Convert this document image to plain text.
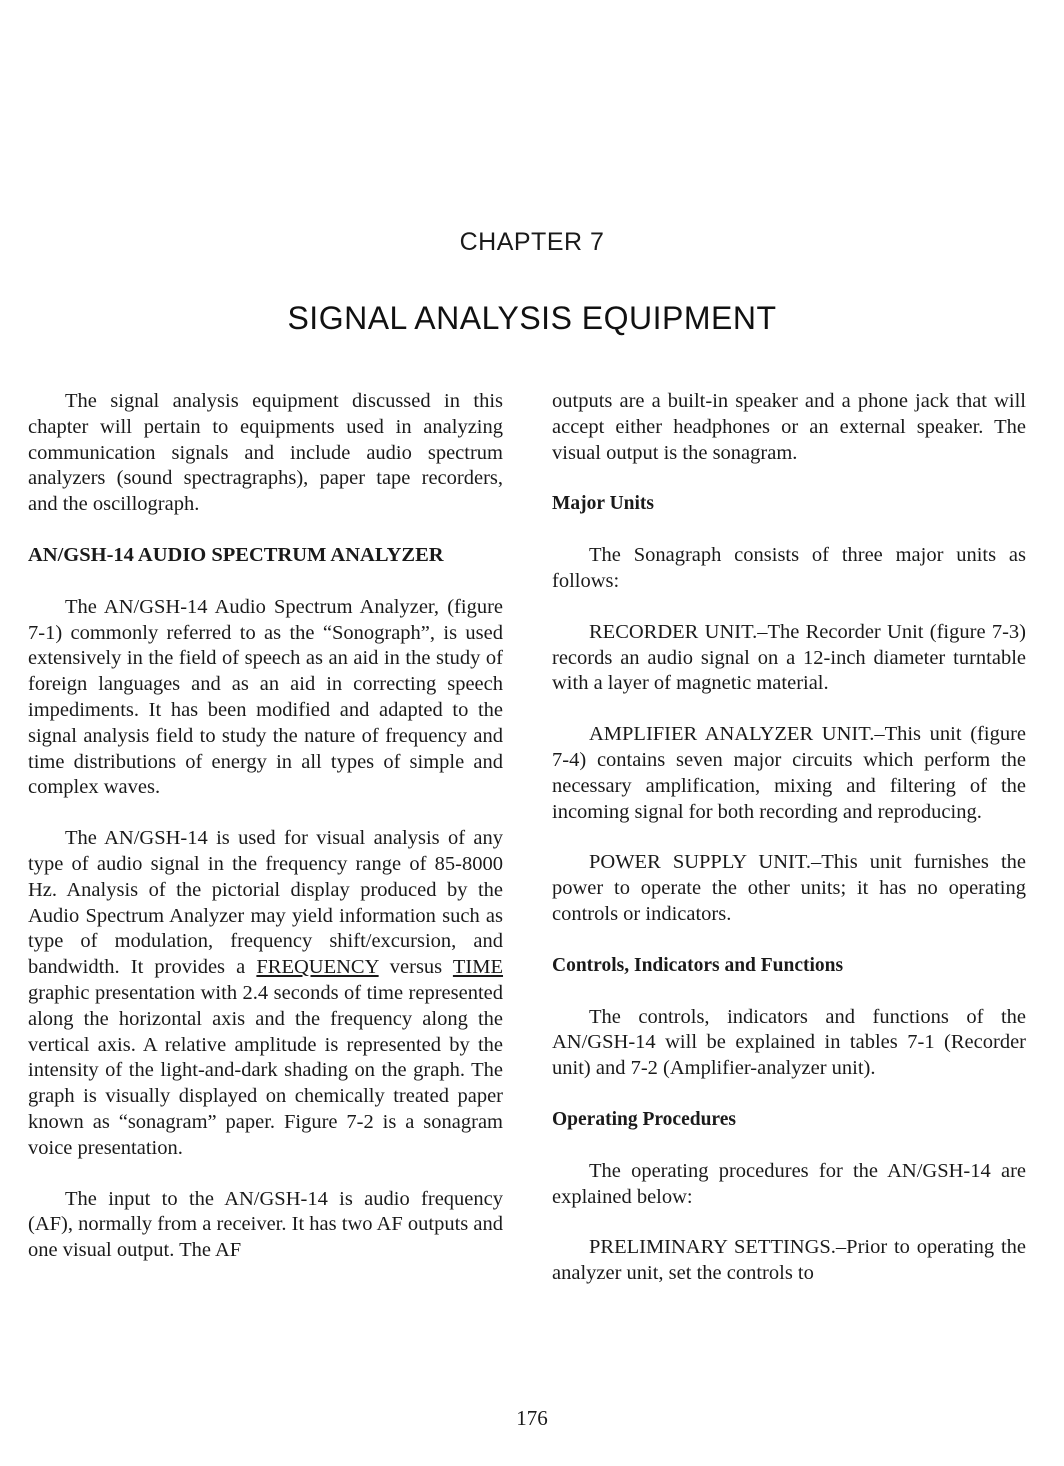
CHAPTER 7
SIGNAL ANALYSIS EQUIPMENT

The signal analysis equipment discussed in this chapter will pertain to equipments used in analyzing communication signals and include audio spectrum analyzers (sound spectragraphs), paper tape recorders, and the oscillograph.

AN/GSH-14 AUDIO SPECTRUM ANALYZER

The AN/GSH-14 Audio Spectrum Analyzer, (figure 7-1) commonly referred to as the “Sonograph”, is used extensively in the field of speech as an aid in the study of foreign languages and as an aid in correcting speech impediments. It has been modified and adapted to the signal analysis field to study the nature of frequency and time distributions of energy in all types of simple and complex waves.

The AN/GSH-14 is used for visual analysis of any type of audio signal in the frequency range of 85-8000 Hz. Analysis of the pictorial display produced by the Audio Spectrum Analyzer may yield information such as type of modulation, frequency shift/excursion, and bandwidth. It provides a FREQUENCY versus TIME graphic presentation with 2.4 seconds of time represented along the horizontal axis and the frequency along the vertical axis. A relative amplitude is represented by the intensity of the light-and-dark shading on the graph. The graph is visually displayed on chemically treated paper known as “sonagram” paper. Figure 7-2 is a sonagram voice presentation.

The input to the AN/GSH-14 is audio frequency (AF), normally from a receiver. It has two AF outputs and one visual output. The AF

outputs are a built-in speaker and a phone jack that will accept either headphones or an external speaker. The visual output is the sonagram.

Major Units

The Sonagraph consists of three major units as follows:

RECORDER UNIT.–The Recorder Unit (figure 7-3) records an audio signal on a 12-inch diameter turntable with a layer of magnetic material.

AMPLIFIER ANALYZER UNIT.–This unit (figure 7-4) contains seven major circuits which perform the necessary amplification, mixing and filtering of the incoming signal for both recording and reproducing.

POWER SUPPLY UNIT.–This unit furnishes the power to operate the other units; it has no operating controls or indicators.

Controls, Indicators and Functions

The controls, indicators and functions of the AN/GSH-14 will be explained in tables 7-1 (Recorder unit) and 7-2 (Amplifier-analyzer unit).

Operating Procedures

The operating procedures for the AN/GSH-14 are explained below:

PRELIMINARY SETTINGS.–Prior to operating the analyzer unit, set the controls to

176
